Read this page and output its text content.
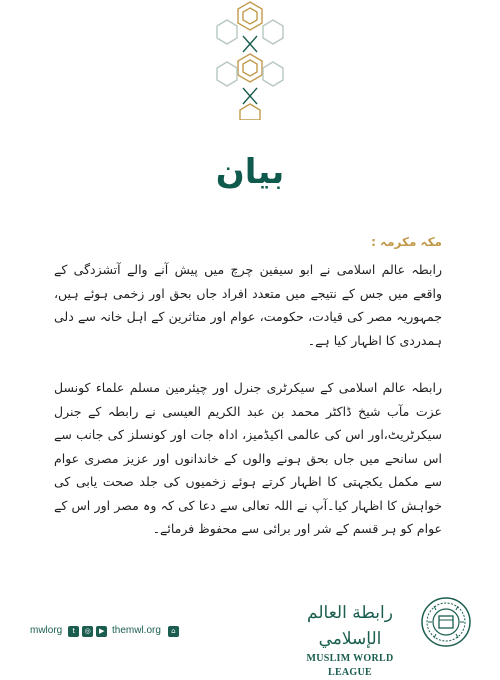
بیان
مکہ مکرمہ :

رابطہ عالم اسلامی نے ابو سیفین چرچ میں پیش آنے والے آتشزدگی کے واقعے میں جس کے نتیجے میں متعدد افراد جاں بحق اور زخمی ہوئے ہیں، جمہوریہ مصر کی قیادت، حکومت، عوام اور متاثرین کے اہل خانہ سے دلی ہمدردی کا اظہار کیا ہے۔

رابطہ عالم اسلامی کے سیکرٹری جنرل اور چیئرمین مسلم علماء کونسل عزت مآب شیخ ڈاکٹر محمد بن عبد الکریم العیسی نے رابطہ کے جنرل سیکرٹریٹ،اور اس کی عالمی اکیڈمیز، اداہ جات اور کونسلز کی جانب سے اس سانحے میں جاں بحق ہونے والوں کے خاندانوں اور عزیز مصری عوام سے مکمل یکجہتی کا اظہار کرتے ہوئے زخمیوں کی جلد صحت یابی کی خواہش کا اظہار کیا۔آپ نے اللہ تعالی سے دعا کی کہ وہ مصر اور اس کے عوام کو ہر قسم کے شر اور برائی سے محفوظ فرمائے۔

mwlorg	t	◎	▶ themwl.org	⌂
رابطة العالم الإسلامي
MUSLIM WORLD LEAGUE
